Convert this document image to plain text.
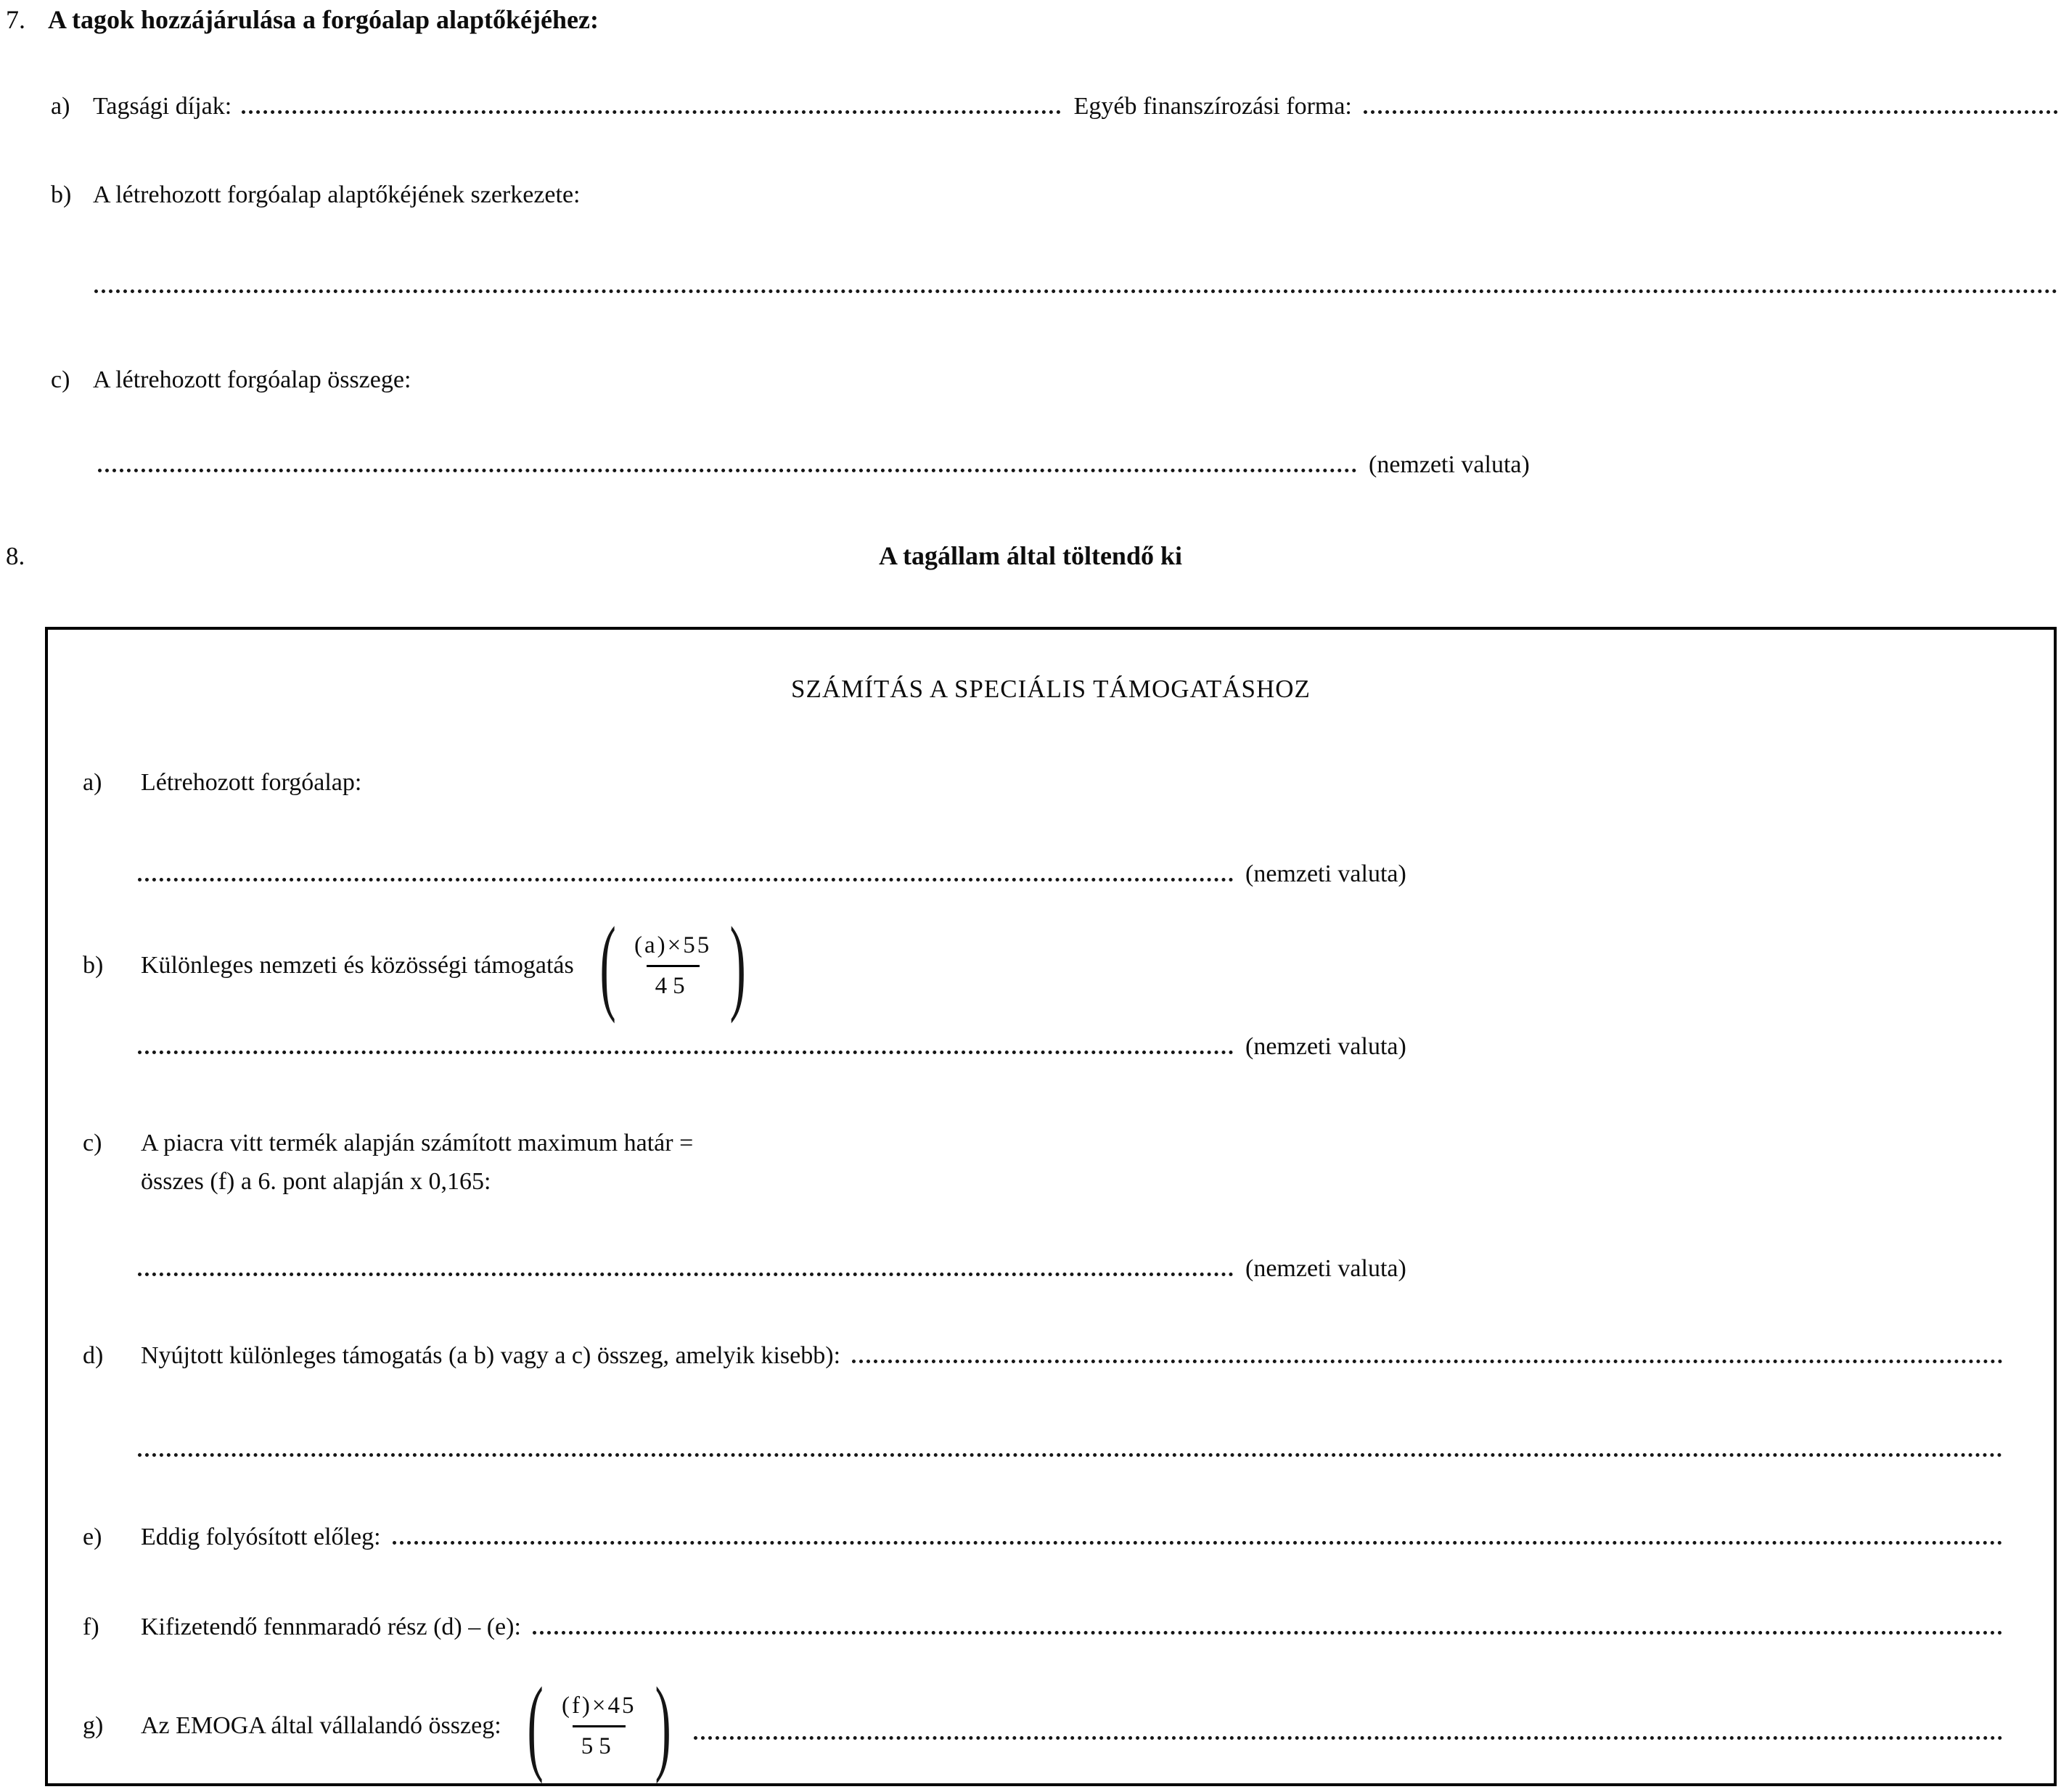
7. A tagok hozzájárulása a forgóalap alaptőkéjéhez:
a) Tagsági díjak:	Egyéb finanszírozási forma:
b) A létrehozott forgóalap alaptőkéjének szerkezete:
c) A létrehozott forgóalap összege:
(nemzeti valuta)
8.	A tagállam által töltendő ki
SZÁMÍTÁS A SPECIÁLIS TÁMOGATÁSHOZ
a)	Létrehozott forgóalap:
(nemzeti valuta)
b)	Különleges nemzeti és közösségi támogatás ( $\frac{(a)\times 55}{45}$ )
(nemzeti valuta)
c)	A piacra vitt termék alapján számított maximum határ =
összes (f) a 6. pont alapján x 0,165:
(nemzeti valuta)
d)	Nyújtott különleges támogatás (a b) vagy a c) összeg, amelyik kisebb):
e)	Eddig folyósított előleg:
f)	Kifizetendő fennmaradó rész (d) – (e):
g)	Az EMOGA által vállalandó összeg: ( $\frac{(f)\times 45}{55}$ )
